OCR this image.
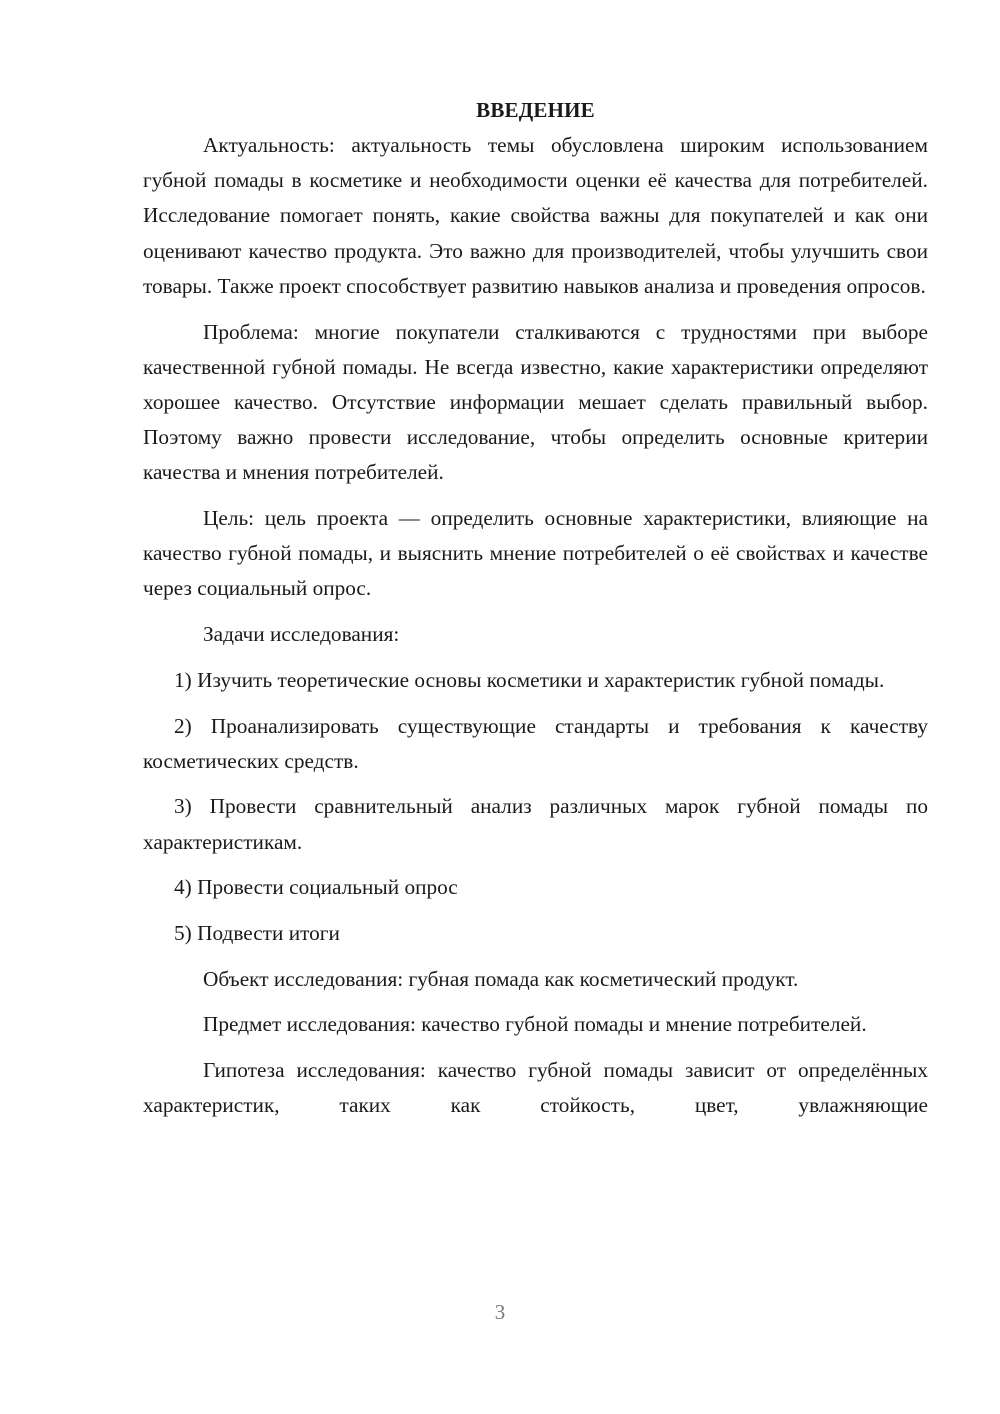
ВВЕДЕНИЕ

Актуальность: актуальность темы обусловлена широким использованием губной помады в косметике и необходимости оценки её качества для потребителей. Исследование помогает понять, какие свойства важны для покупателей и как они оценивают качество продукта. Это важно для производителей, чтобы улучшить свои товары. Также проект способствует развитию навыков анализа и проведения опросов.

Проблема: многие покупатели сталкиваются с трудностями при выборе качественной губной помады. Не всегда известно, какие характеристики определяют хорошее качество. Отсутствие информации мешает сделать правильный выбор. Поэтому важно провести исследование, чтобы определить основные критерии качества и мнения потребителей.

Цель: цель проекта — определить основные характеристики, влияющие на качество губной помады, и выяснить мнение потребителей о её свойствах и качестве через социальный опрос.

Задачи исследования:

1) Изучить теоретические основы косметики и характеристик губной помады.

2) Проанализировать существующие стандарты и требования к качеству косметических средств.

3) Провести сравнительный анализ различных марок губной помады по характеристикам.

4) Провести социальный опрос

5) Подвести итоги

Объект исследования: губная помада как косметический продукт.

Предмет исследования: качество губной помады и мнение потребителей.

Гипотеза исследования: качество губной помады зависит от определённых характеристик, таких как стойкость, цвет, увлажняющие

3
